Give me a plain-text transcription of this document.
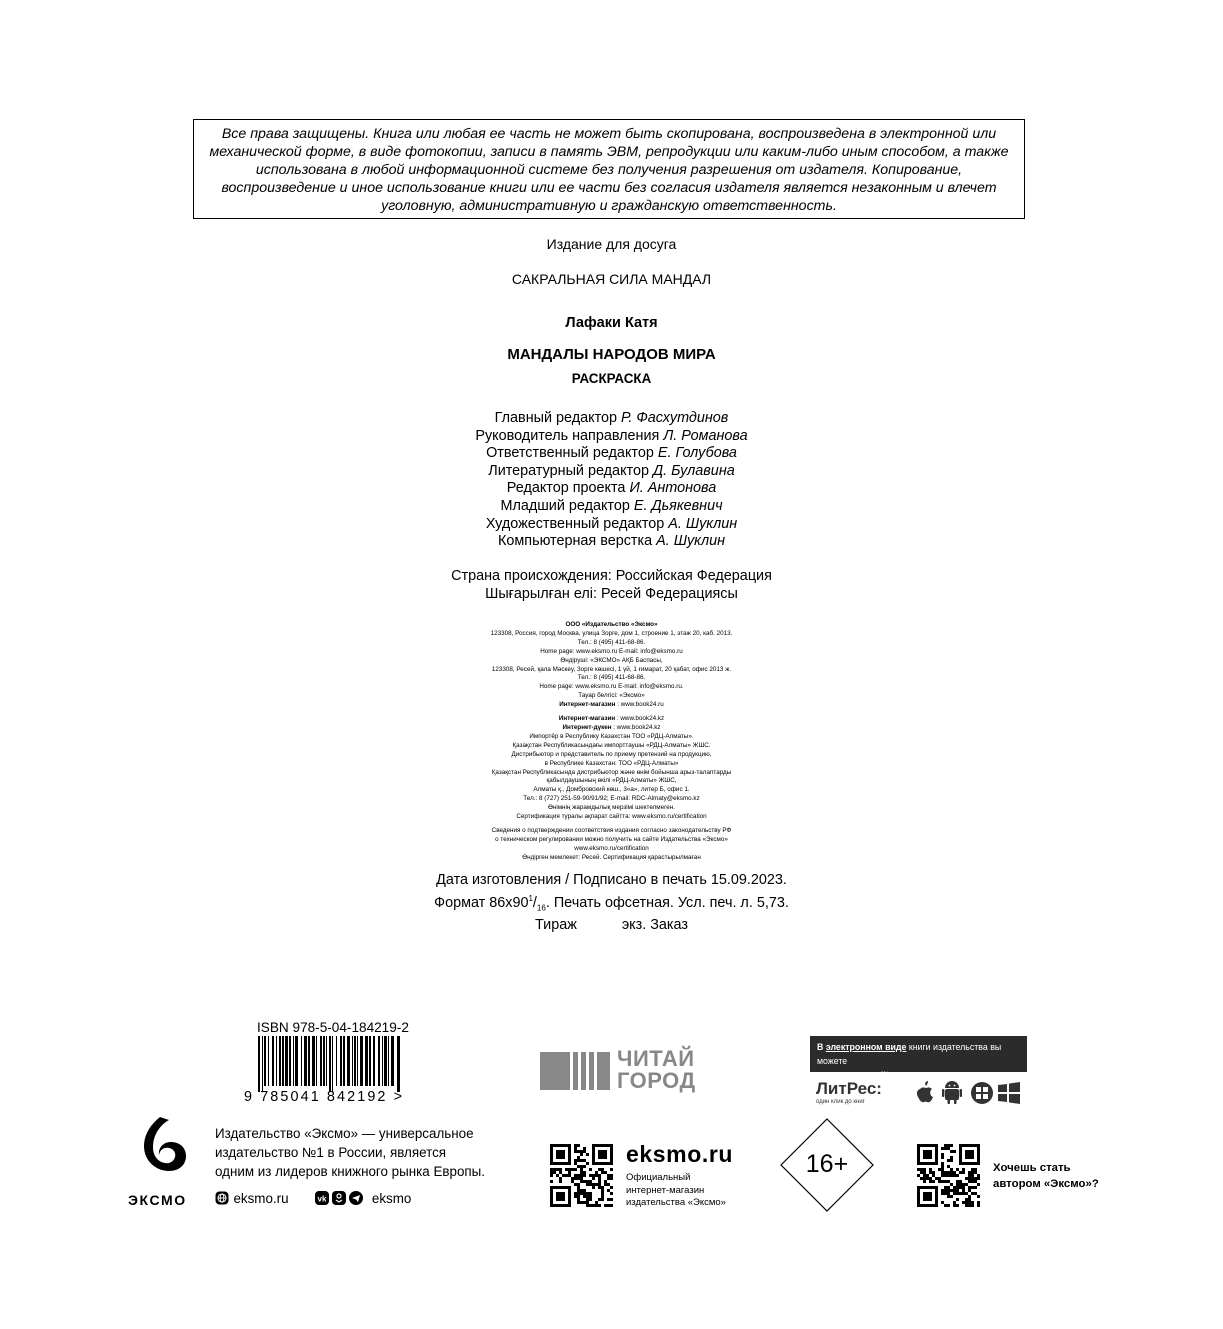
Все права защищены. Книга или любая ее часть не может быть скопирована, воспроизведена в электронной или механической форме, в виде фотокопии, записи в память ЭВМ, репродукции или каким-либо иным способом, а также использована в любой информационной системе без получения разрешения от издателя. Копирование, воспроизведение и иное использование книги или ее части без согласия издателя является незаконным и влечет уголовную, административную и гражданскую ответственность.
Издание для досуга
САКРАЛЬНАЯ СИЛА МАНДАЛ
Лафаки Катя
МАНДАЛЫ НАРОДОВ МИРА
РАСКРАСКА
Главный редактор Р. Фасхутдинов
Руководитель направления Л. Романова
Ответственный редактор Е. Голубова
Литературный редактор Д. Булавина
Редактор проекта И. Антонова
Младший редактор Е. Дьякевнич
Художественный редактор А. Шуклин
Компьютерная верстка А. Шуклин
Страна происхождения: Российская Федерация
Шығарылған елі: Ресей Федерациясы
ООО «Издательство «Эксмо»
123308, Россия, город Москва, улица Зорге, дом 1, строение 1, этаж 20, каб. 2013.
Тел.: 8 (495) 411-68-86.
Home page: www.eksmo.ru E-mail: info@eksmo.ru
Өндіруші: «ЭКСМО» АҚБ Баспасы,
123308, Ресей, қала Мәскеу, Зорге көшесі, 1 үй, 1 ғимарат, 20 қабат, офис 2013 ж.
Тел.: 8 (495) 411-68-86.
Home page: www.eksmo.ru E-mail: info@eksmo.ru.
Тауар белгісі: «Эксмо»
Интернет-магазин : www.book24.ru
Интернет-магазин : www.book24.kz
Интернет-дүкен : www.book24.kz
Импортёр в Республику Казахстан ТОО «РДЦ-Алматы».
Қазақстан Республикасындағы импорттаушы «РДЦ-Алматы» ЖШС.
Дистрибьютор и представитель по приему претензий на продукцию,
в Республике Казахстан: ТОО «РДЦ-Алматы»
Қазақстан Республикасында дистрибьютор және өнім бойынша арыз-талаптарды
қабылдаушының өкілі «РДЦ-Алматы» ЖШС,
Алматы қ., Домбровский көш., 3«а», литер Б, офис 1.
Тел.: 8 (727) 251-59-90/91/92; E-mail: RDC-Almaty@eksmo.kz
Өнімнің жарамдылық мерзімі шектелмеген.
Сертификация туралы ақпарат сайтта: www.eksmo.ru/certification
Сведения о подтверждении соответствия издания согласно законодательству РФ
о техническом регулировании можно получить на сайте Издательства «Эксмо»
www.eksmo.ru/certification
Өндірген мемлекет: Ресей. Сертификация қарастырылмаған
Дата изготовления / Подписано в печать 15.09.2023.
Формат $86х90^1/_{16}$. Печать офсетная. Усл. печ. л. 5,73.
Тираж	экз. Заказ
ISBN 978-5-04-184219-2
9 785041 842192 >
ЧИТАЙ
ГОРОД
В электронном виде книги издательства вы можете
купить на www.litres.ru
ЛитРес:
один клик до книг
ЭКСМО
Издательство «Эксмо» — универсальное
издательство №1 в России, является
одним из лидеров книжного рынка Европы.
eksmo.ru	vk	eksmo
eksmo.ru
Официальный
интернет-магазин
издательства «Эксмо»
16+	Хочешь стать
автором «Эксмо»?
